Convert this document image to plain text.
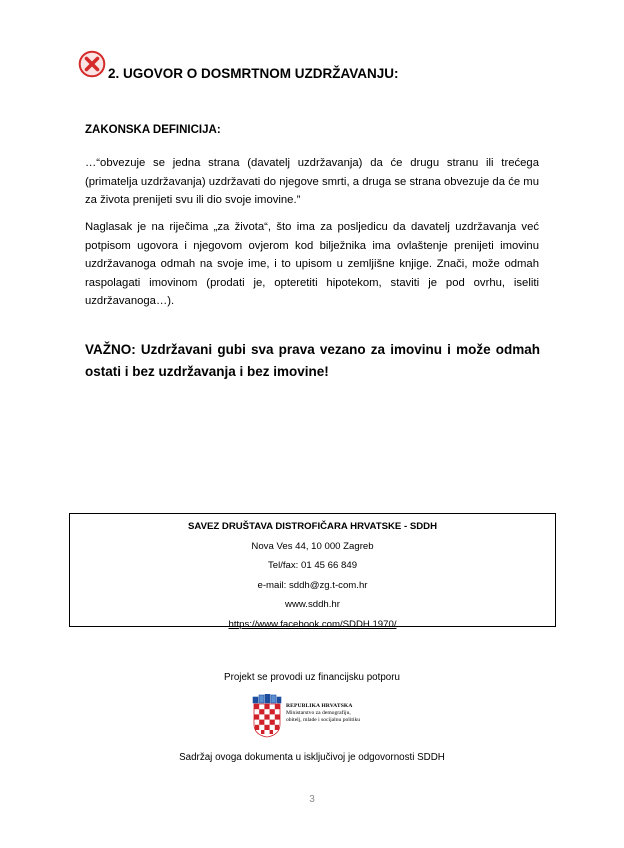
2. UGOVOR O DOSMRTNOM UZDRŽAVANJU:
ZAKONSKA DEFINICIJA:
…“obvezuje se jedna strana (davatelj uzdržavanja) da će drugu stranu ili trećega (primatelja uzdržavanja) uzdržavati do njegove smrti, a druga se strana obvezuje da će mu za života prenijeti svu ili dio svoje imovine.”
Naglasak je na riječima „za života“, što ima za posljedicu da davatelj uzdržavanja već potpisom ugovora i njegovom ovjerom kod bilježnika ima ovlaštenje prenijeti imovinu uzdržavanoga odmah na svoje ime, i to upisom u zemljišne knjige. Znači, može odmah raspolagati imovinom (prodati je, opteretiti hipotekom, staviti je pod ovrhu, iseliti uzdržavanoga…).
VAŽNO: Uzdržavani gubi sva prava vezano za imovinu i može odmah ostati i bez uzdržavanja i bez imovine!
SAVEZ DRUŠTAVA DISTROFIČARA HRVATSKE - SDDH
Nova Ves 44, 10 000 Zagreb
Tel/fax: 01 45 66 849
e-mail: sddh@zg.t-com.hr
www.sddh.hr
https://www.facebook.com/SDDH.1970/
Projekt se provodi uz financijsku potporu
REPUBLIKA HRVATSKA
Ministarstvo za demografiju,
obitelj, mlade i socijalnu politiku
Sadržaj ovoga dokumenta u isključivoj je odgovornosti SDDH
3
